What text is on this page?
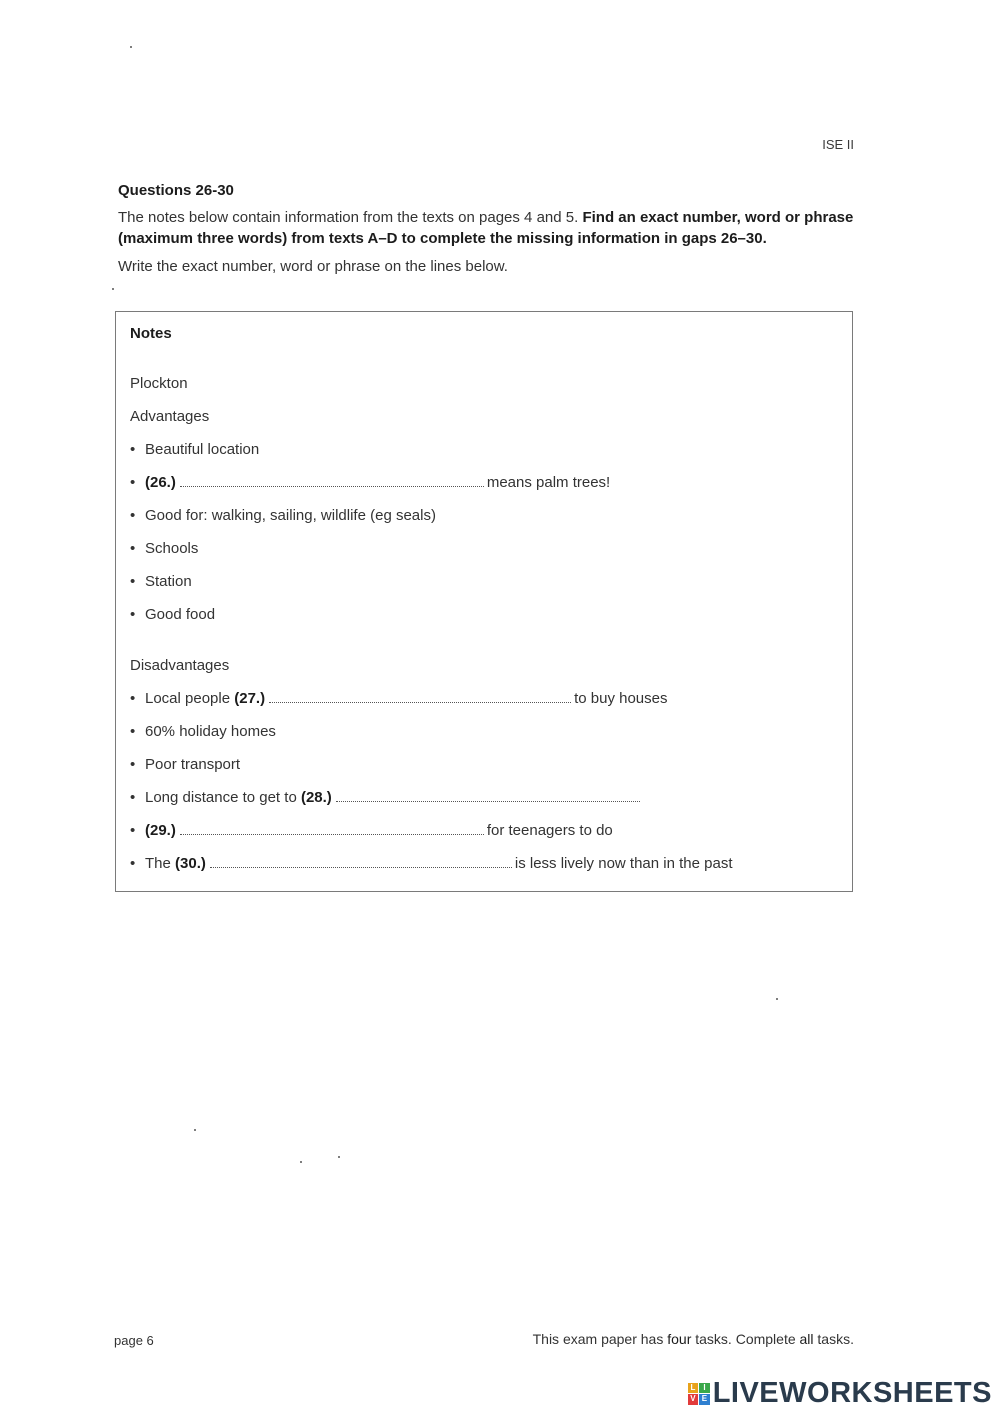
ISE II
Questions 26-30
The notes below contain information from the texts on pages 4 and 5. Find an exact number, word or phrase (maximum three words) from texts A–D to complete the missing information in gaps 26–30.
Write the exact number, word or phrase on the lines below.
Notes
Plockton
Advantages
• Beautiful location
• (26.)	means palm trees!
• Good for: walking, sailing, wildlife (eg seals)
• Schools
• Station
• Good food
Disadvantages
• Local people (27.)	to buy houses
• 60% holiday homes
• Poor transport
• Long distance to get to (28.)
• (29.)	for teenagers to do
• The (30.)	is less lively now than in the past
page 6	This exam paper has four tasks. Complete all tasks.
L I
V E LIVEWORKSHEETS
